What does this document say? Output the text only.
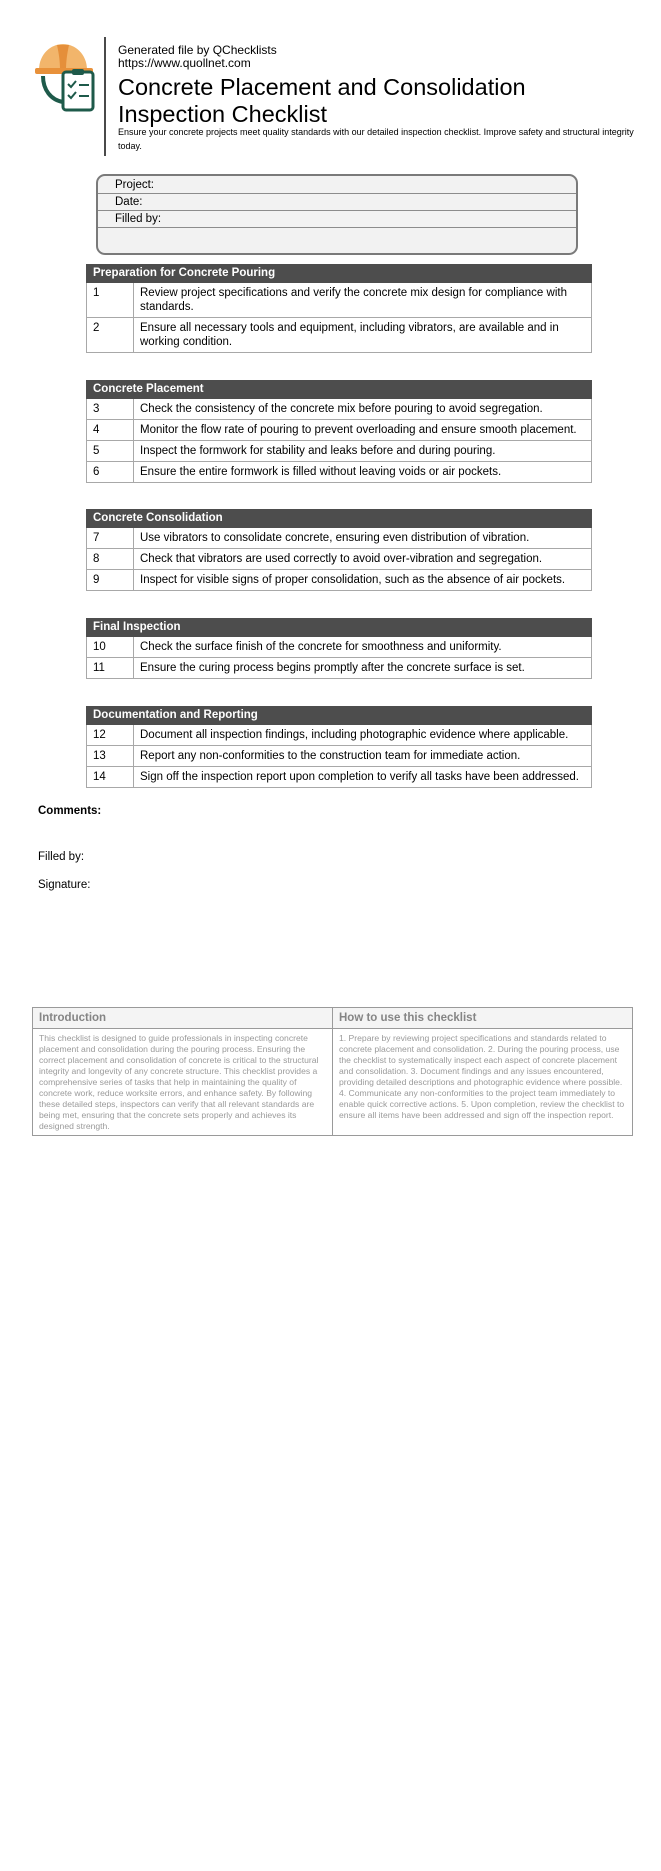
Generated file by QChecklists
https://www.quollnet.com
Concrete Placement and Consolidation Inspection Checklist
Ensure your concrete projects meet quality standards with our detailed inspection checklist. Improve safety and structural integrity today.
Project:
Date:
Filled by:
Preparation for Concrete Pouring
1	Review project specifications and verify the concrete mix design for compliance with standards.
2	Ensure all necessary tools and equipment, including vibrators, are available and in working condition.
Concrete Placement
3	Check the consistency of the concrete mix before pouring to avoid segregation.
4	Monitor the flow rate of pouring to prevent overloading and ensure smooth placement.
5	Inspect the formwork for stability and leaks before and during pouring.
6	Ensure the entire formwork is filled without leaving voids or air pockets.
Concrete Consolidation
7	Use vibrators to consolidate concrete, ensuring even distribution of vibration.
8	Check that vibrators are used correctly to avoid over-vibration and segregation.
9	Inspect for visible signs of proper consolidation, such as the absence of air pockets.
Final Inspection
10	Check the surface finish of the concrete for smoothness and uniformity.
11	Ensure the curing process begins promptly after the concrete surface is set.
Documentation and Reporting
12	Document all inspection findings, including photographic evidence where applicable.
13	Report any non-conformities to the construction team for immediate action.
14	Sign off the inspection report upon completion to verify all tasks have been addressed.
Comments:
Filled by:
Signature:
Introduction
This checklist is designed to guide professionals in inspecting concrete placement and consolidation during the pouring process. Ensuring the correct placement and consolidation of concrete is critical to the structural integrity and longevity of any concrete structure. This checklist provides a comprehensive series of tasks that help in maintaining the quality of concrete work, reduce worksite errors, and enhance safety. By following these detailed steps, inspectors can verify that all relevant standards are being met, ensuring that the concrete sets properly and achieves its designed strength.
How to use this checklist
1. Prepare by reviewing project specifications and standards related to concrete placement and consolidation. 2. During the pouring process, use the checklist to systematically inspect each aspect of concrete placement and consolidation. 3. Document findings and any issues encountered, providing detailed descriptions and photographic evidence where possible. 4. Communicate any non-conformities to the project team immediately to enable quick corrective actions. 5. Upon completion, review the checklist to ensure all items have been addressed and sign off the inspection report.
